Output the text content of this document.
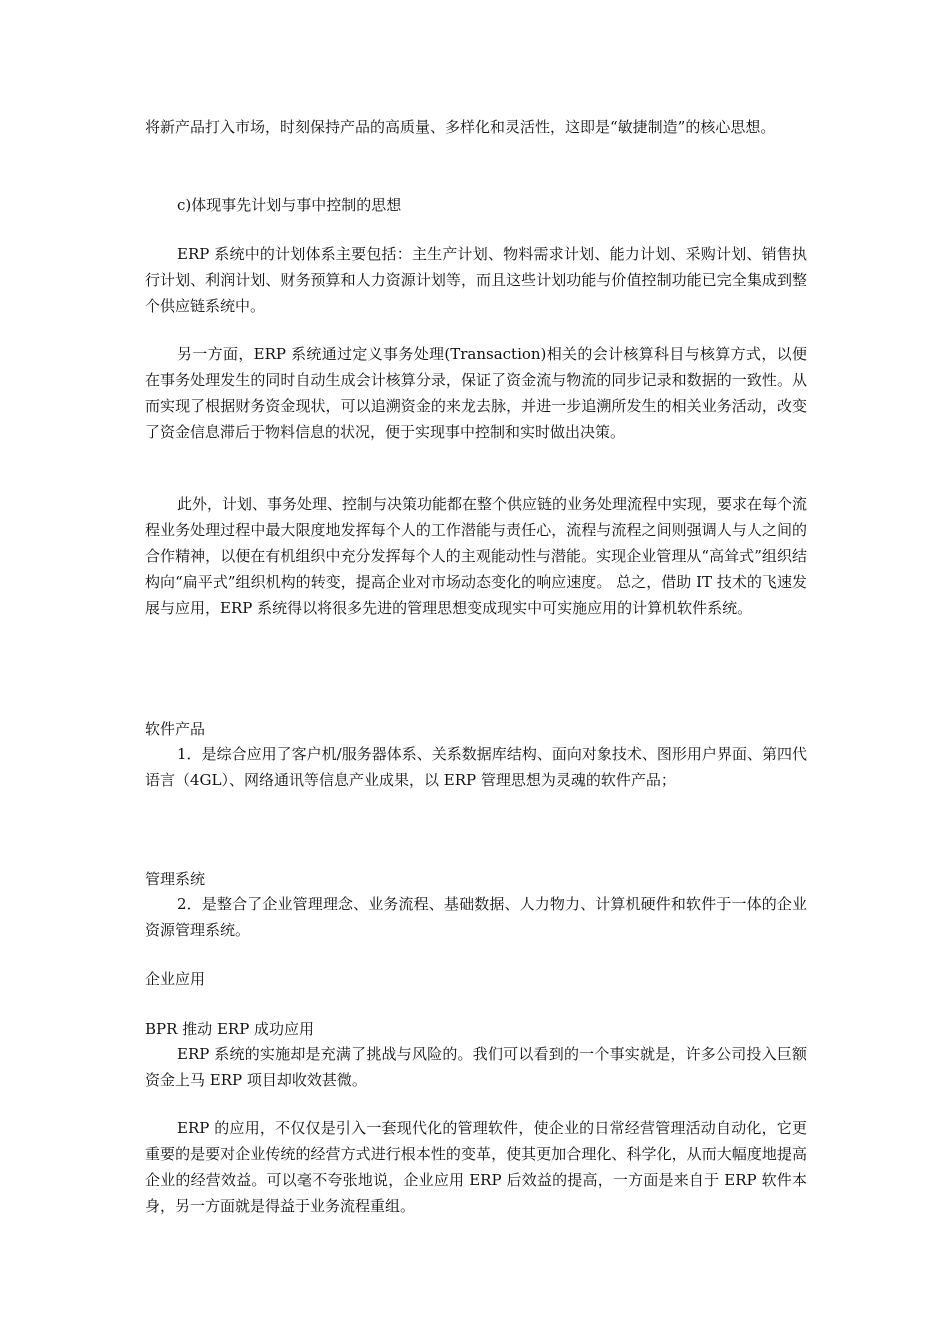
将新产品打入市场，时刻保持产品的高质量、多样化和灵活性，这即是“敏捷制造”的核心思想。

c)体现事先计划与事中控制的思想

ERP 系统中的计划体系主要包括：主生产计划、物料需求计划、能力计划、采购计划、销售执行计划、利润计划、财务预算和人力资源计划等，而且这些计划功能与价值控制功能已完全集成到整个供应链系统中。

另一方面，ERP 系统通过定义事务处理(Transaction)相关的会计核算科目与核算方式，以便在事务处理发生的同时自动生成会计核算分录，保证了资金流与物流的同步记录和数据的一致性。从而实现了根据财务资金现状，可以追溯资金的来龙去脉，并进一步追溯所发生的相关业务活动，改变了资金信息滞后于物料信息的状况，便于实现事中控制和实时做出决策。

此外，计划、事务处理、控制与决策功能都在整个供应链的业务处理流程中实现，要求在每个流程业务处理过程中最大限度地发挥每个人的工作潜能与责任心，流程与流程之间则强调人与人之间的合作精神，以便在有机组织中充分发挥每个人的主观能动性与潜能。实现企业管理从“高耸式”组织结构向“扁平式”组织机构的转变，提高企业对市场动态变化的响应速度。 总之，借助 IT 技术的飞速发展与应用，ERP 系统得以将很多先进的管理思想变成现实中可实施应用的计算机软件系统。

软件产品

1．是综合应用了客户机/服务器体系、关系数据库结构、面向对象技术、图形用户界面、第四代语言（4GL）、网络通讯等信息产业成果，以 ERP 管理思想为灵魂的软件产品；

管理系统

2．是整合了企业管理理念、业务流程、基础数据、人力物力、计算机硬件和软件于一体的企业资源管理系统。

企业应用

BPR 推动 ERP 成功应用

ERP 系统的实施却是充满了挑战与风险的。我们可以看到的一个事实就是，许多公司投入巨额资金上马 ERP 项目却收效甚微。

ERP 的应用，不仅仅是引入一套现代化的管理软件，使企业的日常经营管理活动自动化，它更重要的是要对企业传统的经营方式进行根本性的变革，使其更加合理化、科学化，从而大幅度地提高企业的经营效益。可以毫不夸张地说，企业应用 ERP 后效益的提高，一方面是来自于 ERP 软件本身，另一方面就是得益于业务流程重组。
